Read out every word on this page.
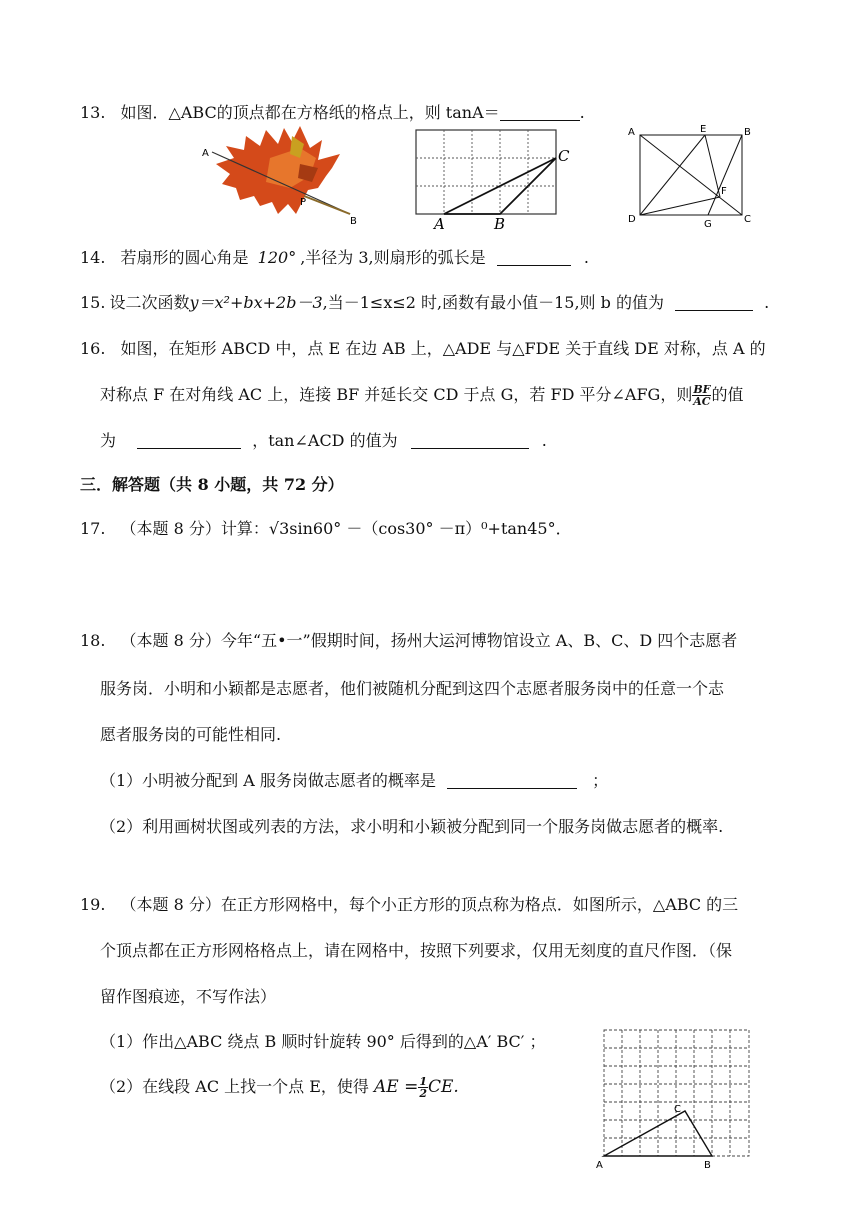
13. 如图．△ABC的顶点都在方格纸的格点上，则 tanA＝	.
A
P
B	A	B
C
A	E	B
F
D	G	C
14. 若扇形的圆心角是 120° ,半径为 3,则扇形的弧长是	.
15. 设二次函数y＝x²+bx+2b－3,当－1≤x≤2 时,函数有最小值－15,则 b 的值为	.
16. 如图，在矩形 ABCD 中，点 E 在边 AB 上，△ADE 与△FDE 关于直线 DE 对称，点 A 的
对称点 F 在对角线 AC 上，连接 BF 并延长交 CD 于点 G，若 FD 平分∠AFG，则 $\frac{BF}{AC}$ 的值
为	，tan∠ACD 的值为	.
三．解答题（共 8 小题，共 72 分）
17. （本题 8 分）计算：√3sin60° －（cos30° －π）⁰+tan45°．
18. （本题 8 分）今年“五•一”假期时间，扬州大运河博物馆设立 A、B、C、D 四个志愿者
服务岗．小明和小颖都是志愿者，他们被随机分配到这四个志愿者服务岗中的任意一个志
愿者服务岗的可能性相同.
（1）小明被分配到 A 服务岗做志愿者的概率是	；
（2）利用画树状图或列表的方法，求小明和小颖被分配到同一个服务岗做志愿者的概率.
19. （本题 8 分）在正方形网格中，每个小正方形的顶点称为格点．如图所示，△ABC 的三
个顶点都在正方形网格格点上，请在网格中，按照下列要求，仅用无刻度的直尺作图．（保
留作图痕迹，不写作法）
（1）作出△ABC 绕点 B 顺时针旋转 90° 后得到的△A′ BC′ ；
（2）在线段 AC 上找一个点 E，使得 AE = $\frac{1}{2}$ CE.
A	B
C
